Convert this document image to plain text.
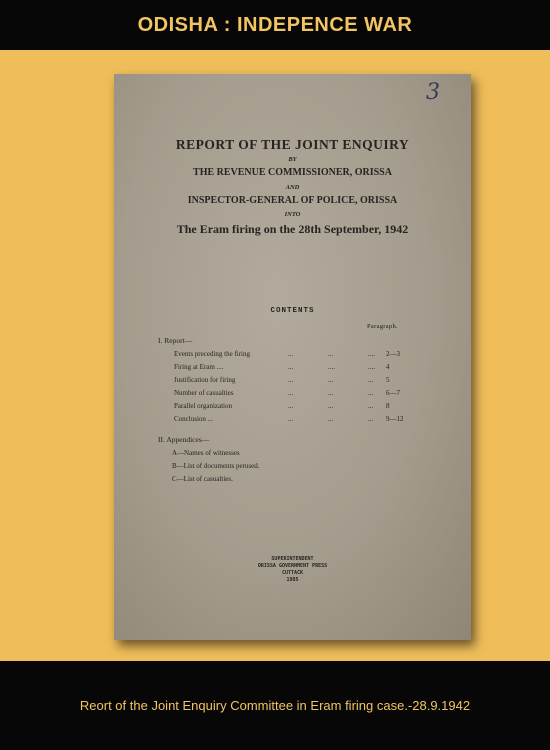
ODISHA : INDEPENCE WAR
3
REPORT OF THE JOINT ENQUIRY
BY
THE REVENUE COMMISSIONER, ORISSA
AND
INSPECTOR-GENERAL OF POLICE, ORISSA
INTO
The Eram firing on the 28th September, 1942
CONTENTS
Paragraph.
I. Report—
Events preceding the firing	...	...	.... 2—3
Firing at Eram ....	...	....	.... 4
Justification for firing	...	...	... 5
Number of casualties	...	...	... 6—7
Parallel organization	...	...	... 8
Conclusion ...	...	...	... 9—12
II. Appendices—
A—Names of witnesses
B—List of documents perused.
C—List of casualties.
SUPERINTENDENT
ORISSA GOVERNMENT PRESS
CUTTACK
1985
Reort of the Joint Enquiry Committee in Eram firing case.-28.9.1942
